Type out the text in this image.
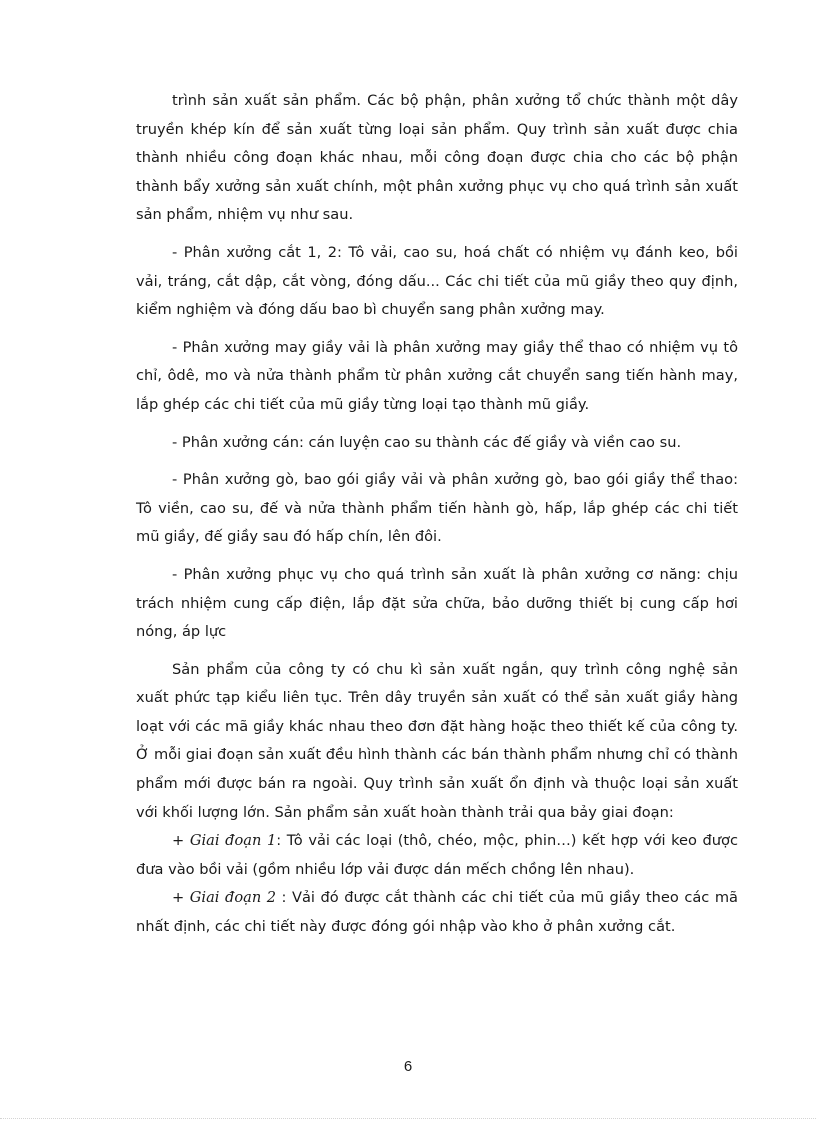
trình sản xuất sản phẩm. Các bộ phận, phân xưởng tổ chức thành một dây truyền khép kín để sản xuất từng loại sản phẩm. Quy trình sản xuất được chia thành nhiều công đoạn khác nhau, mỗi công đoạn được chia cho các bộ phận thành bẩy xưởng sản xuất chính, một phân xưởng phục vụ cho quá trình sản xuất sản phẩm, nhiệm vụ như sau.

- Phân xưởng cắt 1, 2: Tô vải, cao su, hoá chất có nhiệm vụ đánh keo, bồi vải, tráng, cắt dập, cắt vòng, đóng dấu... Các chi tiết của mũ giầy theo quy định, kiểm nghiệm và đóng dấu bao bì chuyển sang phân xưởng may.

- Phân xưởng may giầy vải là phân xưởng may giầy thể thao có nhiệm vụ tô chỉ, ôdê, mo và nửa thành phẩm từ phân xưởng cắt chuyển sang tiến hành may, lắp ghép các chi tiết của mũ giầy từng loại tạo thành mũ giầy.

- Phân xưởng cán: cán luyện cao su thành các đế giầy và viền cao su.

- Phân xưởng gò, bao gói giầy vải và phân xưởng gò, bao gói giầy thể thao: Tô viền, cao su, đế và nửa thành phẩm tiến hành gò, hấp, lắp ghép các chi tiết mũ giầy, đế giầy sau đó hấp chín, lên đôi.

- Phân xưởng phục vụ cho quá trình sản xuất là phân xưởng cơ năng: chịu trách nhiệm cung cấp điện, lắp đặt sửa chữa, bảo dưỡng thiết bị cung cấp hơi nóng, áp lực

Sản phẩm của công ty có chu kì sản xuất ngắn, quy trình công nghệ sản xuất phức tạp kiểu liên tục. Trên dây truyền sản xuất có thể sản xuất giầy hàng loạt với các mã giầy khác nhau theo đơn đặt hàng hoặc theo thiết kế của công ty. Ở mỗi giai đoạn sản xuất đều hình thành các bán thành phẩm nhưng chỉ có thành phẩm mới được bán ra ngoài. Quy trình sản xuất ổn định và thuộc loại sản xuất với khối lượng lớn. Sản phẩm sản xuất hoàn thành trải qua bảy giai đoạn:

+ Giai đoạn 1: Tô vải các loại (thô, chéo, mộc, phin…) kết hợp với keo được đưa vào bồi vải (gồm nhiều lớp vải được dán mếch chồng lên nhau).

+ Giai đoạn 2 : Vải đó được cắt thành các chi tiết của mũ giầy theo các mã nhất định, các chi tiết này được đóng gói nhập vào kho ở phân xưởng cắt.

6
